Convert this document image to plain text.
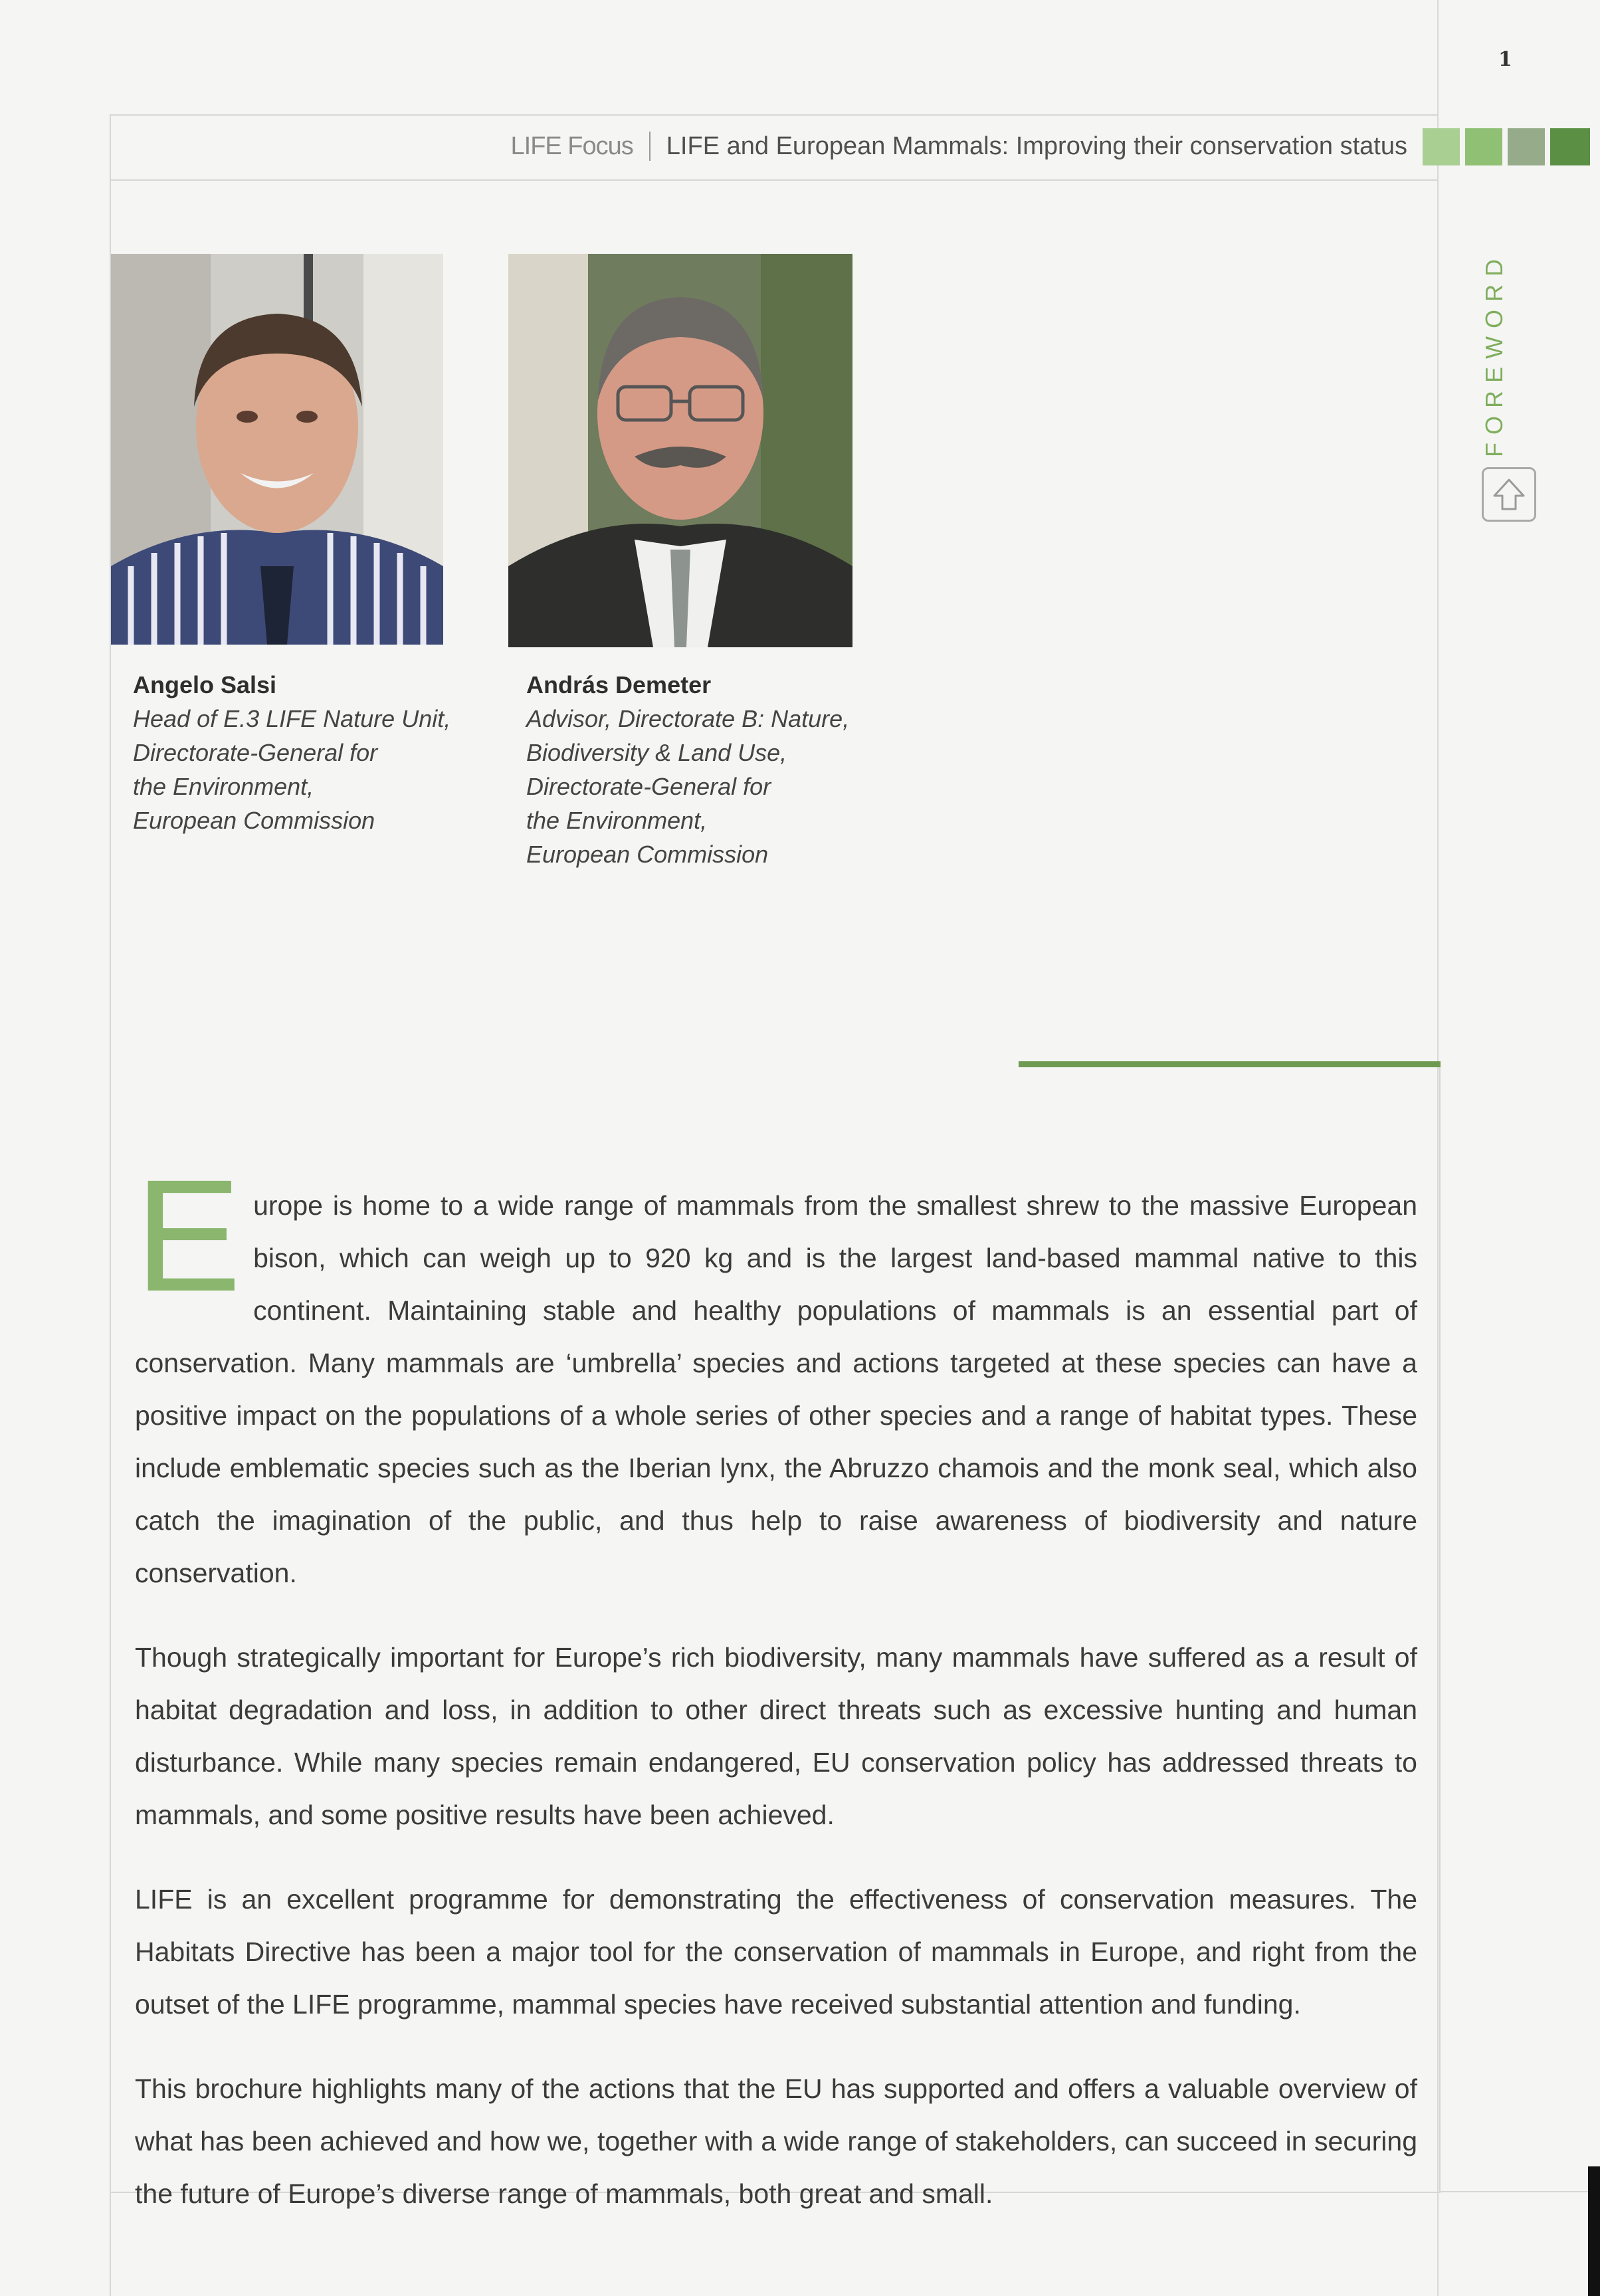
1
LIFE Focus LIFE and European Mammals: Improving their conservation status
FOREWORD
Angelo Salsi
Head of E.3 LIFE Nature Unit,
Directorate-General for
the Environment,
European Commission
András Demeter
Advisor, Directorate B: Nature,
Biodiversity & Land Use,
Directorate-General for
the Environment,
European Commission

Europe is home to a wide range of mammals from the smallest shrew to the massive European bison, which can weigh up to 920 kg and is the largest land-based mammal native to this continent. Maintaining stable and healthy populations of mammals is an essential part of conservation. Many mammals are ‘umbrella’ species and actions targeted at these species can have a positive impact on the populations of a whole series of other species and a range of habitat types. These include emblematic species such as the Iberian lynx, the Abruzzo chamois and the monk seal, which also catch the imagination of the public, and thus help to raise awareness of biodiversity and nature conservation.

Though strategically important for Europe’s rich biodiversity, many mammals have suffered as a result of habitat degradation and loss, in addition to other direct threats such as excessive hunting and human disturbance. While many species remain endangered, EU conservation policy has addressed threats to mammals, and some positive results have been achieved.

LIFE is an excellent programme for demonstrating the effectiveness of conservation measures. The Habitats Directive has been a major tool for the conservation of mammals in Europe, and right from the outset of the LIFE programme, mammal species have received substantial attention and funding.

This brochure highlights many of the actions that the EU has supported and offers a valuable overview of what has been achieved and how we, together with a wide range of stakeholders, can succeed in securing the future of Europe’s diverse range of mammals, both great and small.
